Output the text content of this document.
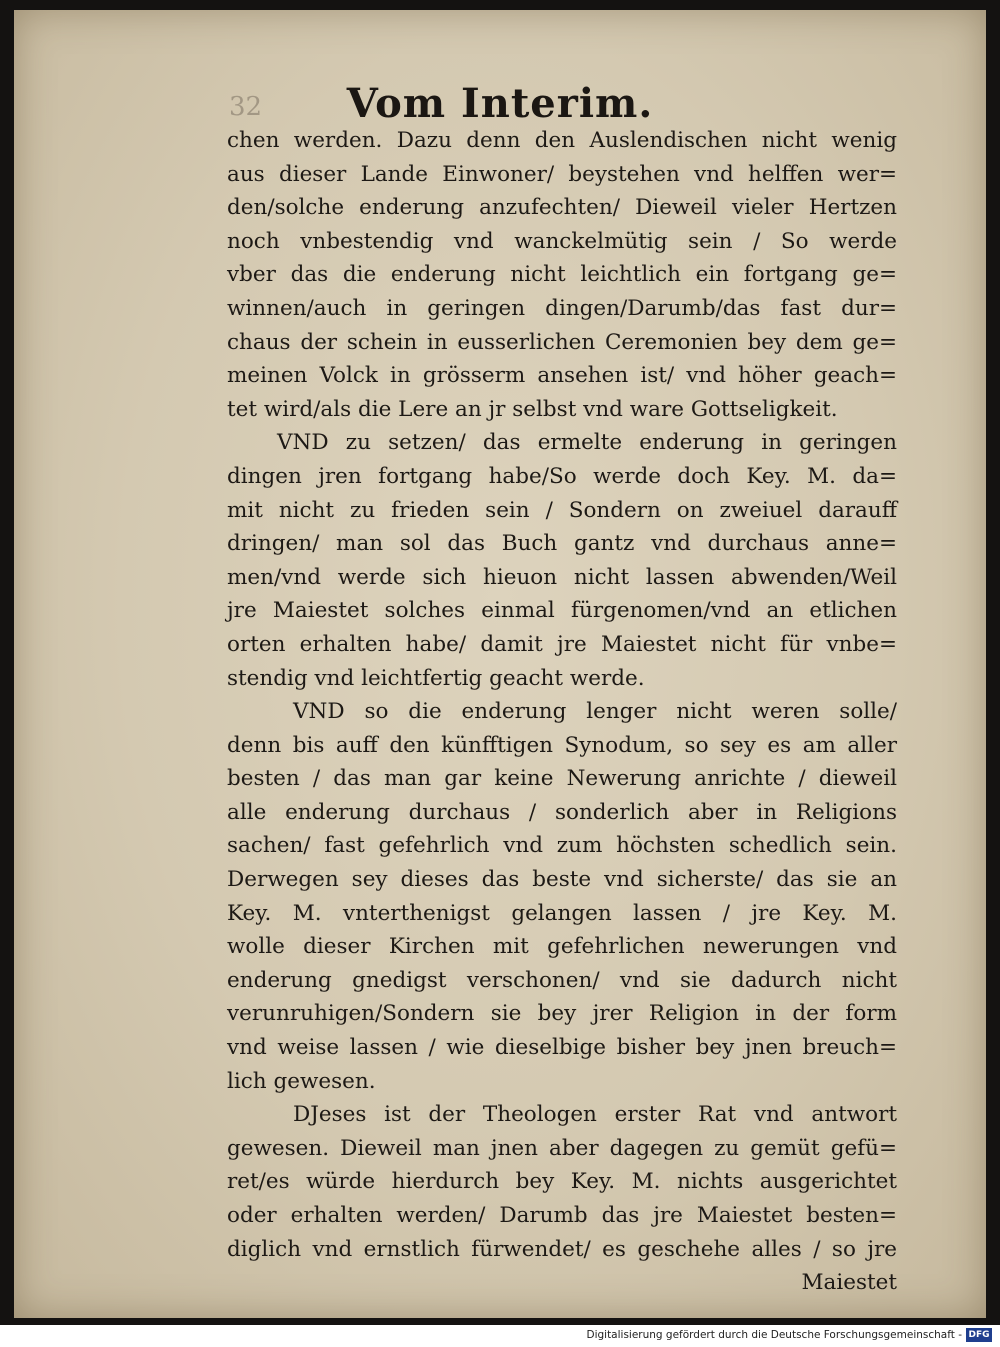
32	Vom Interim.
chen werden. Dazu denn den Auslendischen nicht wenig
aus dieser Lande Einwoner/ beystehen vnd helffen wer=
den/solche enderung anzufechten/ Dieweil vieler Hertzen
noch vnbestendig vnd wanckelmütig sein / So werde
vber das die enderung nicht leichtlich ein fortgang ge=
winnen/auch in geringen dingen/Darumb/das fast dur=
chaus der schein in eusserlichen Ceremonien bey dem ge=
meinen Volck in grösserm ansehen ist/ vnd höher geach=
tet wird/als die Lere an jr selbst vnd ware Gottseligkeit.
VND zu setzen/ das ermelte enderung in geringen
dingen jren fortgang habe/So werde doch Key. M. da=
mit nicht zu frieden sein / Sondern on zweiuel darauff
dringen/ man sol das Buch gantz vnd durchaus anne=
men/vnd werde sich hieuon nicht lassen abwenden/Weil
jre Maiestet solches einmal fürgenomen/vnd an etlichen
orten erhalten habe/ damit jre Maiestet nicht für vnbe=
stendig vnd leichtfertig geacht werde.
VND so die enderung lenger nicht weren solle/
denn bis auff den künfftigen Synodum, so sey es am aller
besten / das man gar keine Newerung anrichte / dieweil
alle enderung durchaus / sonderlich aber in Religions
sachen/ fast gefehrlich vnd zum höchsten schedlich sein.
Derwegen sey dieses das beste vnd sicherste/ das sie an
Key. M. vnterthenigst gelangen lassen / jre Key. M.
wolle dieser Kirchen mit gefehrlichen newerungen vnd
enderung gnedigst verschonen/ vnd sie dadurch nicht
verunruhigen/Sondern sie bey jrer Religion in der form
vnd weise lassen / wie dieselbige bisher bey jnen breuch=
lich gewesen.
DJeses ist der Theologen erster Rat vnd antwort
gewesen. Dieweil man jnen aber dagegen zu gemüt gefü=
ret/es würde hierdurch bey Key. M. nichts ausgerichtet
oder erhalten werden/ Darumb das jre Maiestet besten=
diglich vnd ernstlich fürwendet/ es geschehe alles / so jre
Maiestet
Digitalisierung gefördert durch die Deutsche Forschungsgemeinschaft - DFG
